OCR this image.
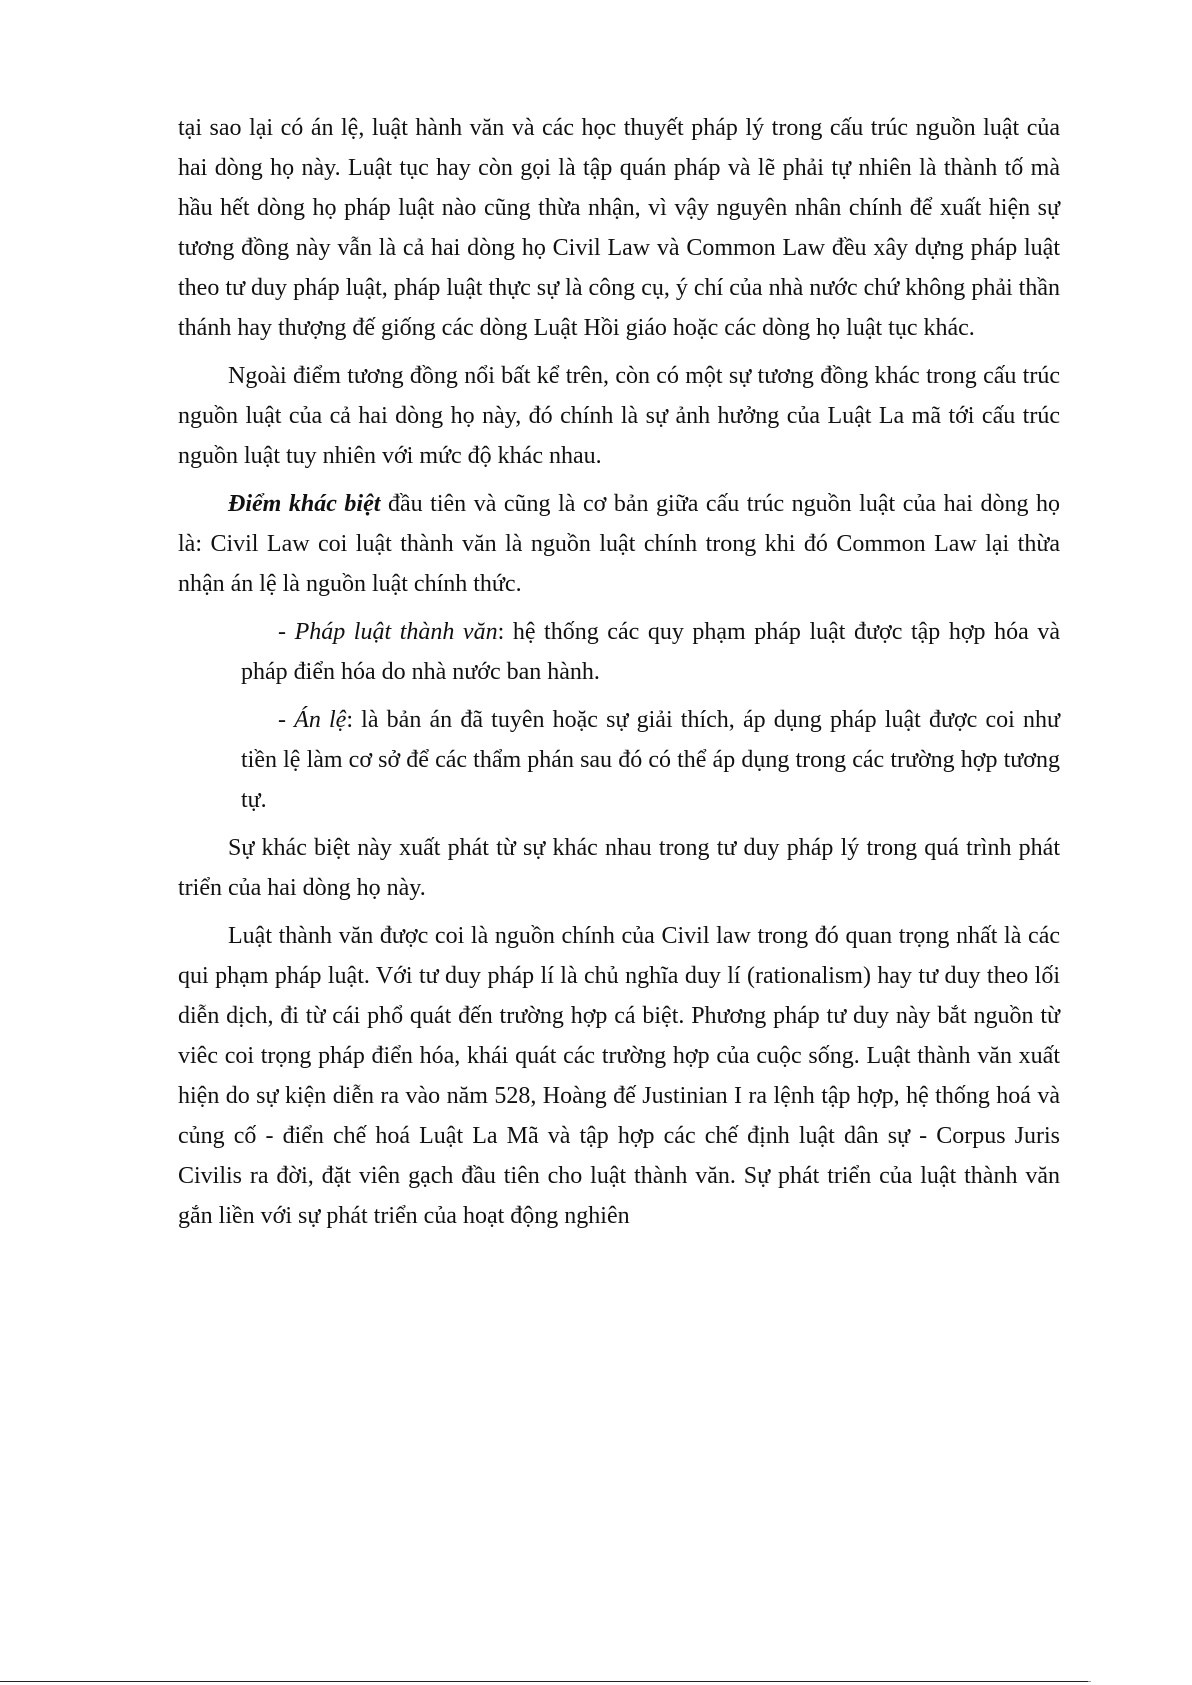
tại sao lại có án lệ, luật hành văn và các học thuyết pháp lý trong cấu trúc nguồn luật của hai dòng họ này. Luật tục hay còn gọi là tập quán pháp và lẽ phải tự nhiên là thành tố mà hầu hết dòng họ pháp luật nào cũng thừa nhận, vì vậy nguyên nhân chính để xuất hiện sự tương đồng này vẫn là cả hai dòng họ Civil Law và Common Law đều xây dựng pháp luật theo tư duy pháp luật, pháp luật thực sự là công cụ, ý chí của nhà nước chứ không phải thần thánh hay thượng đế giống các dòng Luật Hồi giáo hoặc các dòng họ luật tục khác.

Ngoài điểm tương đồng nổi bất kể trên, còn có một sự tương đồng khác trong cấu trúc nguồn luật của cả hai dòng họ này, đó chính là sự ảnh hưởng của Luật La mã tới cấu trúc nguồn luật tuy nhiên với mức độ khác nhau.

Điểm khác biệt đầu tiên và cũng là cơ bản giữa cấu trúc nguồn luật của hai dòng họ là: Civil Law coi luật thành văn là nguồn luật chính trong khi đó Common Law lại thừa nhận án lệ là nguồn luật chính thức.

- Pháp luật thành văn: hệ thống các quy phạm pháp luật được tập hợp hóa và pháp điển hóa do nhà nước ban hành.

- Án lệ: là bản án đã tuyên hoặc sự giải thích, áp dụng pháp luật được coi như tiền lệ làm cơ sở để các thẩm phán sau đó có thể áp dụng trong các trường hợp tương tự.

Sự khác biệt này xuất phát từ sự khác nhau trong tư duy pháp lý trong quá trình phát triển của hai dòng họ này.

Luật thành văn được coi là nguồn chính của Civil law trong đó quan trọng nhất là các qui phạm pháp luật. Với tư duy pháp lí là chủ nghĩa duy lí (rationalism) hay tư duy theo lối diễn dịch, đi từ cái phổ quát đến trường hợp cá biệt. Phương pháp tư duy này bắt nguồn từ viêc coi trọng pháp điển hóa, khái quát các trường hợp của cuộc sống. Luật thành văn xuất hiện do sự kiện diễn ra vào năm 528, Hoàng đế Justinian I ra lệnh tập hợp, hệ thống hoá và củng cố - điển chế hoá Luật La Mã và tập hợp các chế định luật dân sự - Corpus Juris Civilis ra đời, đặt viên gạch đầu tiên cho luật thành văn. Sự phát triển của luật thành văn gắn liền với sự phát triển của hoạt động nghiên
